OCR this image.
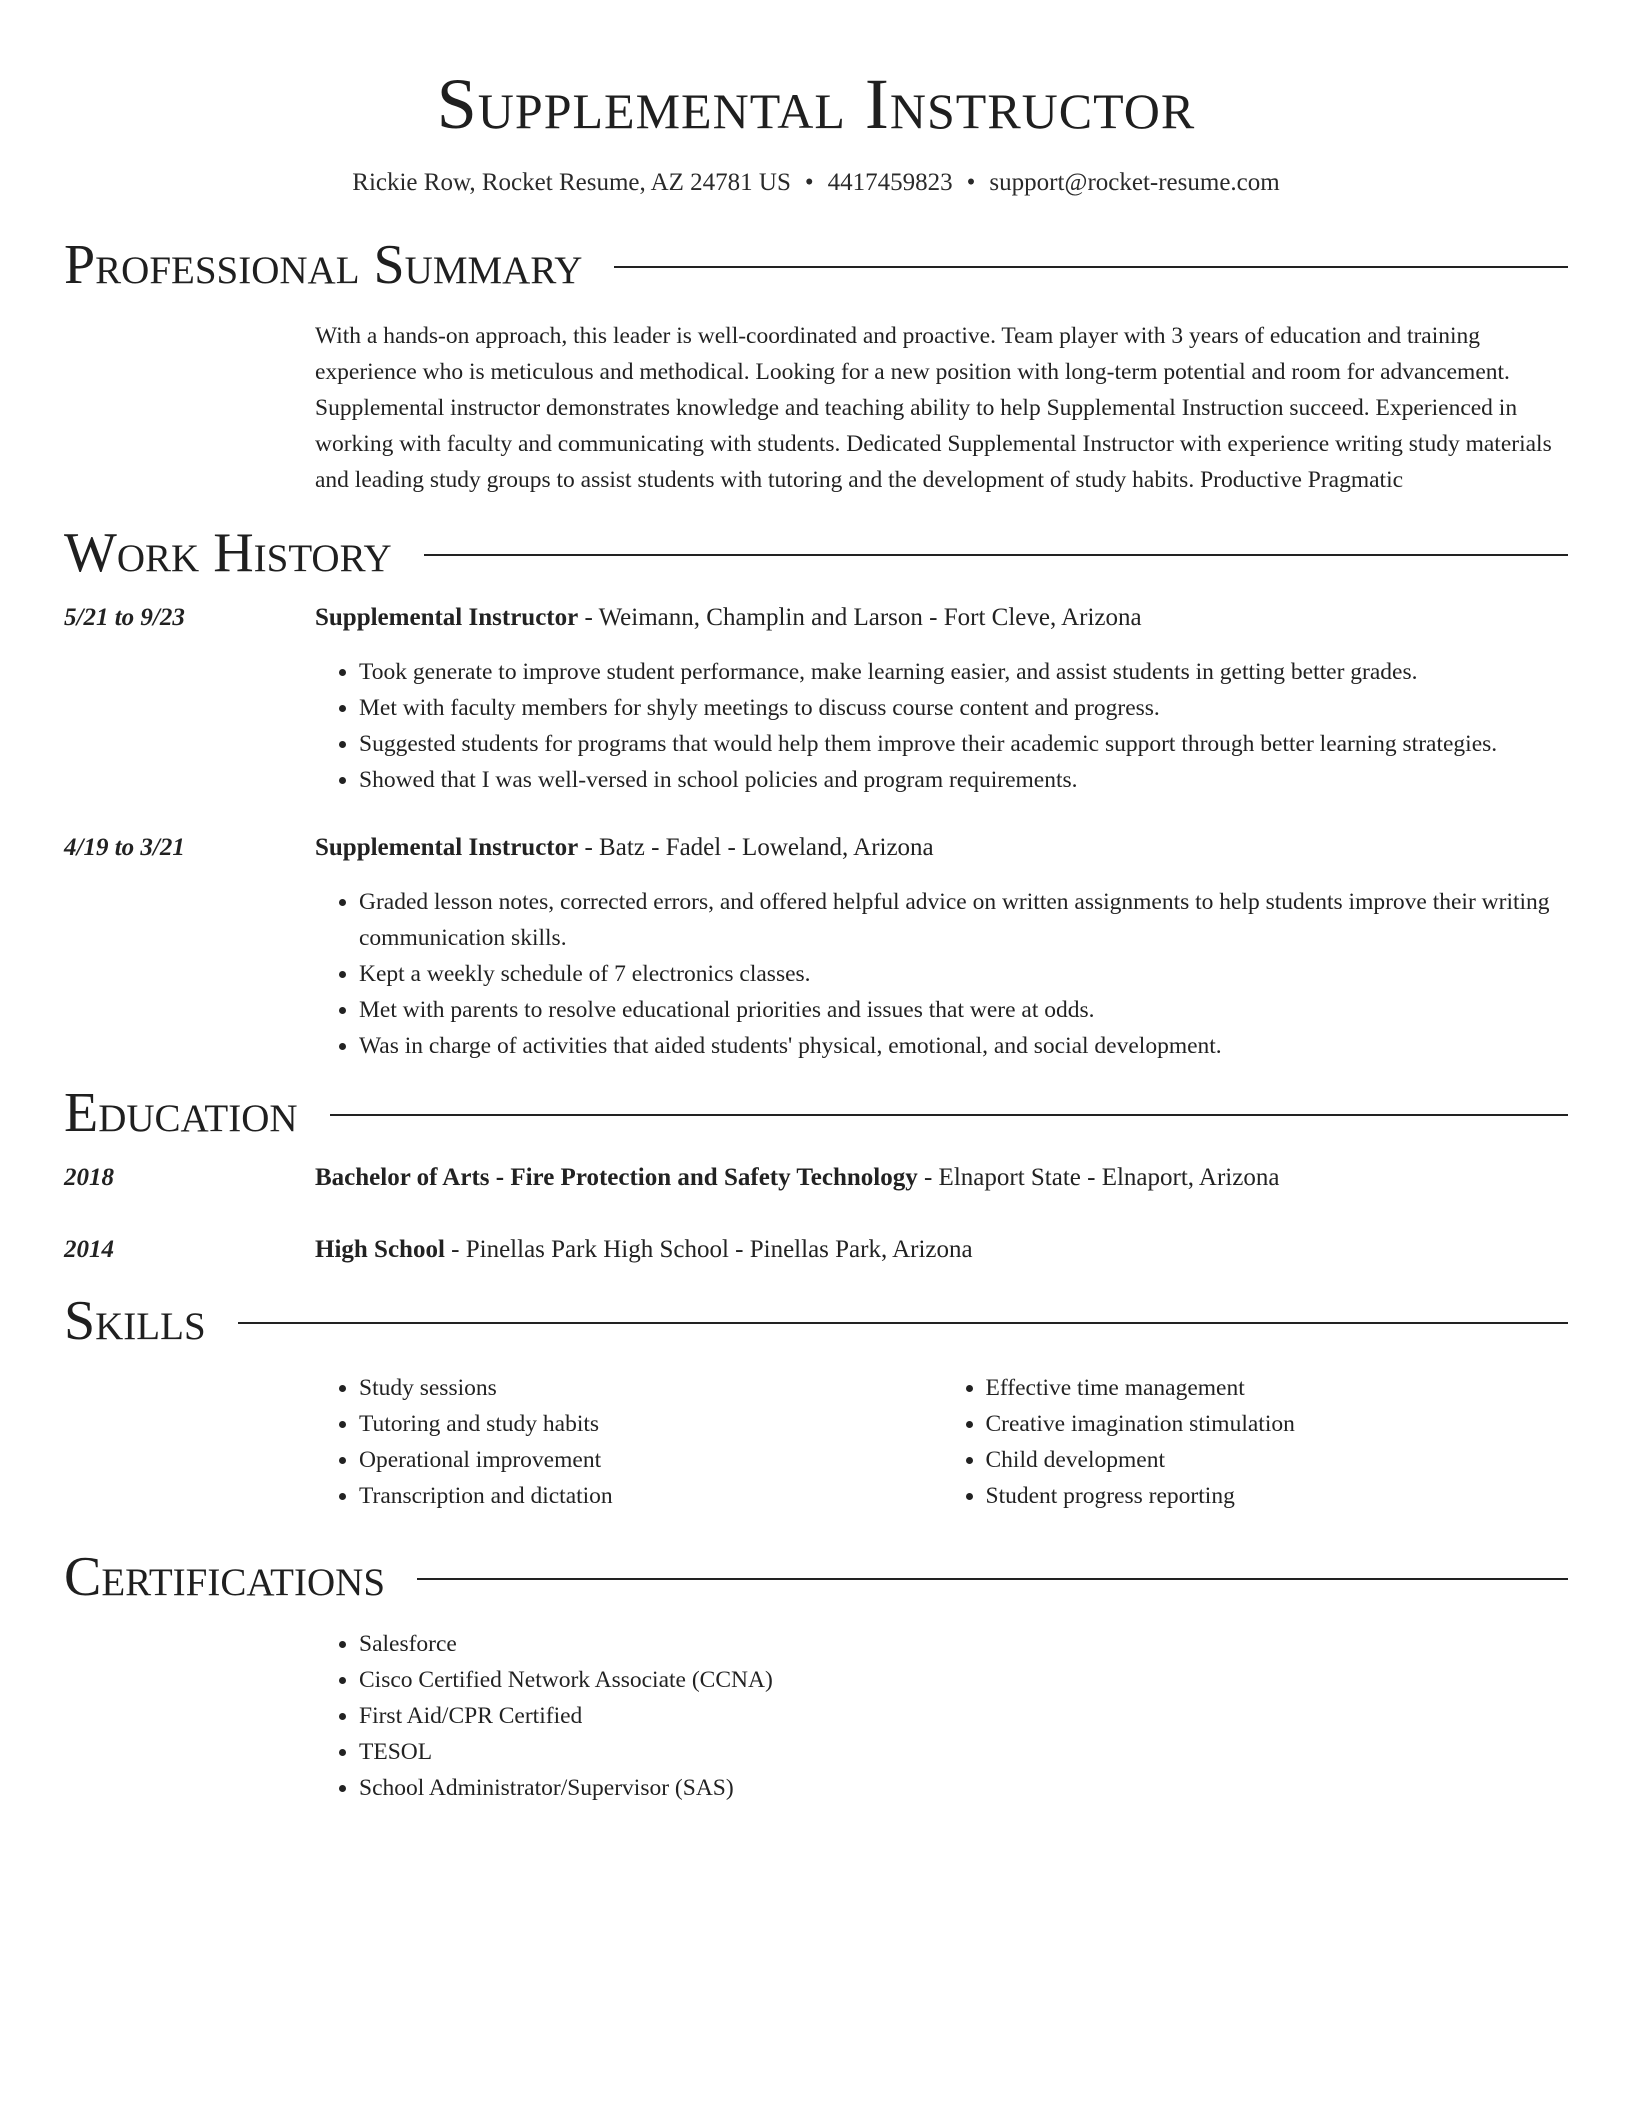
Supplemental Instructor
Rickie Row, Rocket Resume, AZ 24781 US • 4417459823 • support@rocket-resume.com
Professional Summary
With a hands-on approach, this leader is well-coordinated and proactive. Team player with 3 years of education and training experience who is meticulous and methodical. Looking for a new position with long-term potential and room for advancement. Supplemental instructor demonstrates knowledge and teaching ability to help Supplemental Instruction succeed. Experienced in working with faculty and communicating with students. Dedicated Supplemental Instructor with experience writing study materials and leading study groups to assist students with tutoring and the development of study habits. Productive Pragmatic
Work History
5/21 to 9/23	Supplemental Instructor - Weimann, Champlin and Larson - Fort Cleve, Arizona
• Took generate to improve student performance, make learning easier, and assist students in getting better grades.
• Met with faculty members for shyly meetings to discuss course content and progress.
• Suggested students for programs that would help them improve their academic support through better learning strategies.
• Showed that I was well-versed in school policies and program requirements.
4/19 to 3/21	Supplemental Instructor - Batz - Fadel - Loweland, Arizona
• Graded lesson notes, corrected errors, and offered helpful advice on written assignments to help students improve their writing communication skills.
• Kept a weekly schedule of 7 electronics classes.
• Met with parents to resolve educational priorities and issues that were at odds.
• Was in charge of activities that aided students' physical, emotional, and social development.
Education
2018	Bachelor of Arts - Fire Protection and Safety Technology - Elnaport State - Elnaport, Arizona
2014	High School - Pinellas Park High School - Pinellas Park, Arizona
Skills
• Study sessions
• Tutoring and study habits
• Operational improvement
• Transcription and dictation
• Effective time management
• Creative imagination stimulation
• Child development
• Student progress reporting
Certifications
• Salesforce
• Cisco Certified Network Associate (CCNA)
• First Aid/CPR Certified
• TESOL
• School Administrator/Supervisor (SAS)
